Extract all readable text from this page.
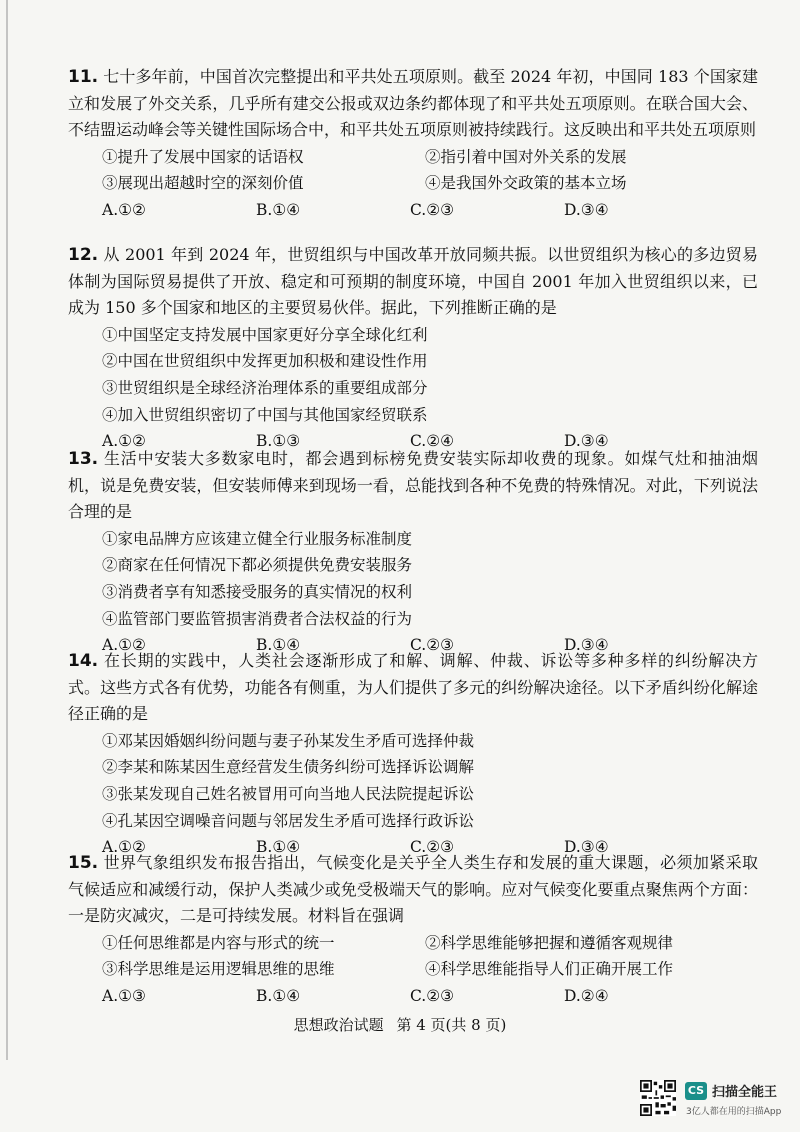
11. 七十多年前，中国首次完整提出和平共处五项原则。截至 2024 年初，中国同 183 个国家建立和发展了外交关系，几乎所有建交公报或双边条约都体现了和平共处五项原则。在联合国大会、不结盟运动峰会等关键性国际场合中，和平共处五项原则被持续践行。这反映出和平共处五项原则

①提升了发展中国家的话语权	②指引着中国对外关系的发展
③展现出超越时空的深刻价值	④是我国外交政策的基本立场
A.①②	B.①④	C.②③	D.③④

12. 从 2001 年到 2024 年，世贸组织与中国改革开放同频共振。以世贸组织为核心的多边贸易体制为国际贸易提供了开放、稳定和可预期的制度环境，中国自 2001 年加入世贸组织以来，已成为 150 多个国家和地区的主要贸易伙伴。据此，下列推断正确的是

①中国坚定支持发展中国家更好分享全球化红利
②中国在世贸组织中发挥更加积极和建设性作用
③世贸组织是全球经济治理体系的重要组成部分
④加入世贸组织密切了中国与其他国家经贸联系
A.①②	B.①③	C.②④	D.③④

13. 生活中安装大多数家电时，都会遇到标榜免费安装实际却收费的现象。如煤气灶和抽油烟机，说是免费安装，但安装师傅来到现场一看，总能找到各种不免费的特殊情况。对此，下列说法合理的是

①家电品牌方应该建立健全行业服务标准制度
②商家在任何情况下都必须提供免费安装服务
③消费者享有知悉接受服务的真实情况的权利
④监管部门要监管损害消费者合法权益的行为
A.①②	B.①④	C.②③	D.③④

14. 在长期的实践中，人类社会逐渐形成了和解、调解、仲裁、诉讼等多种多样的纠纷解决方式。这些方式各有优势，功能各有侧重，为人们提供了多元的纠纷解决途径。以下矛盾纠纷化解途径正确的是

①邓某因婚姻纠纷问题与妻子孙某发生矛盾可选择仲裁
②李某和陈某因生意经营发生债务纠纷可选择诉讼调解
③张某发现自己姓名被冒用可向当地人民法院提起诉讼
④孔某因空调噪音问题与邻居发生矛盾可选择行政诉讼
A.①②	B.①④	C.②③	D.③④

15. 世界气象组织发布报告指出，气候变化是关乎全人类生存和发展的重大课题，必须加紧采取气候适应和减缓行动，保护人类减少或免受极端天气的影响。应对气候变化要重点聚焦两个方面：一是防灾减灾，二是可持续发展。材料旨在强调

①任何思维都是内容与形式的统一	②科学思维能够把握和遵循客观规律
③科学思维是运用逻辑思维的思维	④科学思维能指导人们正确开展工作
A.①③	B.①④	C.②③	D.②④
思想政治试题 第 4 页(共 8 页)
CS 扫描全能王
3亿人都在用的扫描App
